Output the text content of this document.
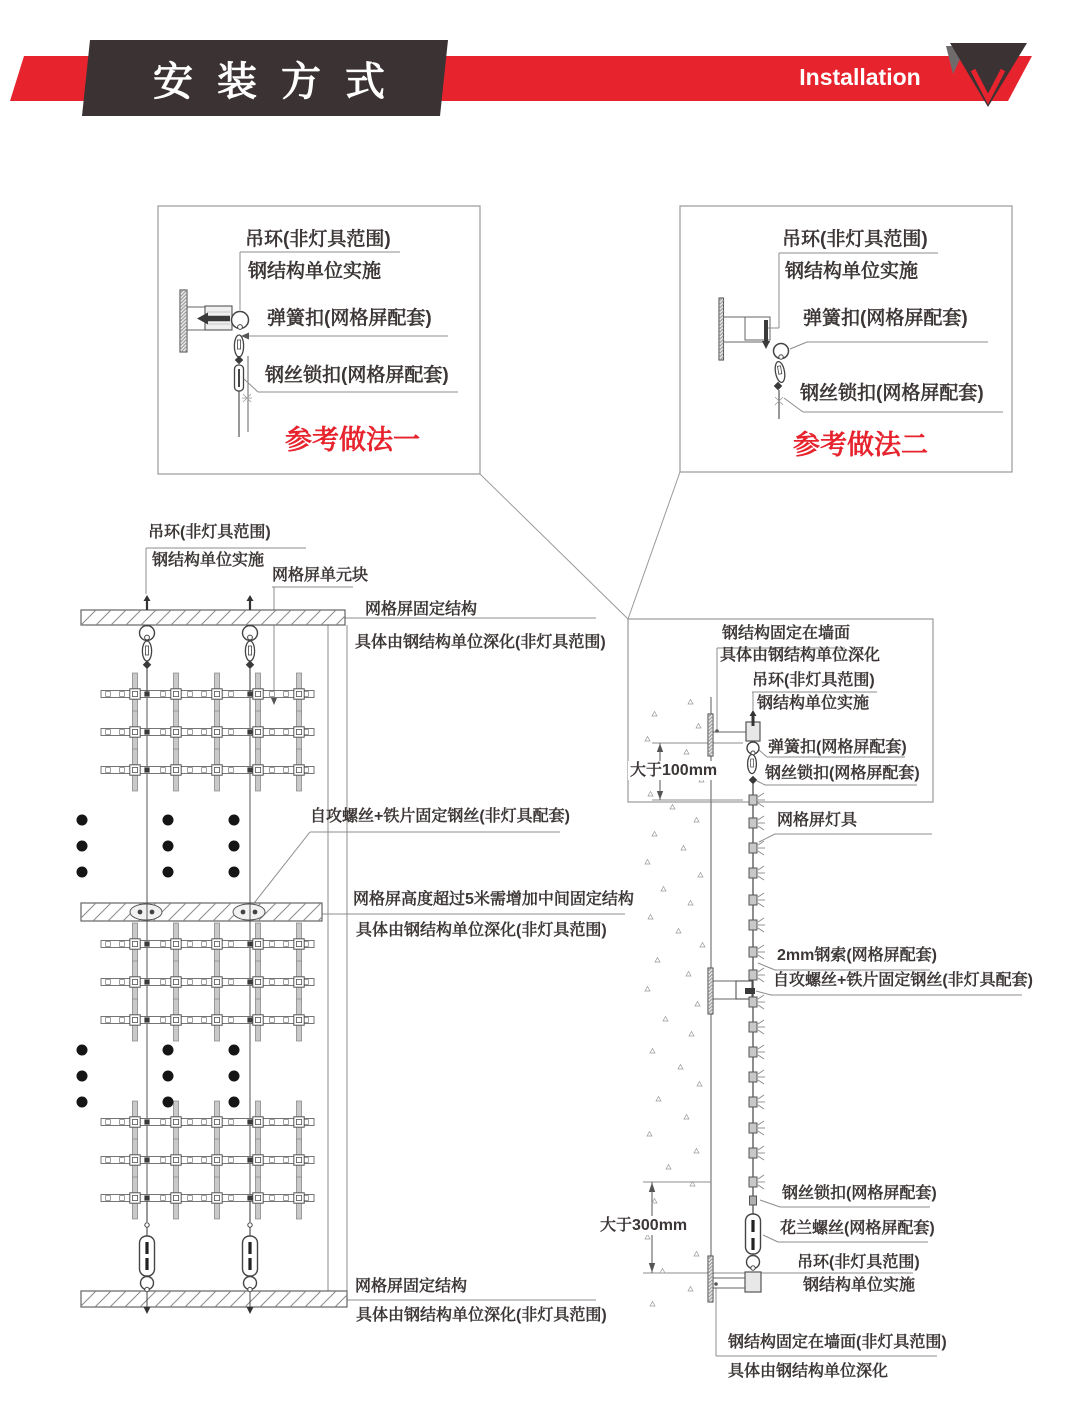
安装方式	Installation
吊环(非灯具范围)
钢结构单位实施
弹簧扣(网格屏配套)
钢丝锁扣(网格屏配套)
参考做法一
吊环(非灯具范围)
钢结构单位实施
弹簧扣(网格屏配套)
钢丝锁扣(网格屏配套)
参考做法二
吊环(非灯具范围)
钢结构单位实施
网格屏单元块
网格屏固定结构
具体由钢结构单位深化(非灯具范围)
自攻螺丝+铁片固定钢丝(非灯具配套)
网格屏高度超过5米需增加中间固定结构
具体由钢结构单位深化(非灯具范围)
网格屏固定结构
具体由钢结构单位深化(非灯具范围)
钢结构固定在墙面
具体由钢结构单位深化
吊环(非灯具范围)
钢结构单位实施
弹簧扣(网格屏配套)
钢丝锁扣(网格屏配套)
大于100mm
网格屏灯具
2mm钢索(网格屏配套)
自攻螺丝+铁片固定钢丝(非灯具配套)
大于300mm
钢丝锁扣(网格屏配套)
花兰螺丝(网格屏配套)
吊环(非灯具范围)
钢结构单位实施
钢结构固定在墙面(非灯具范围)
具体由钢结构单位深化
